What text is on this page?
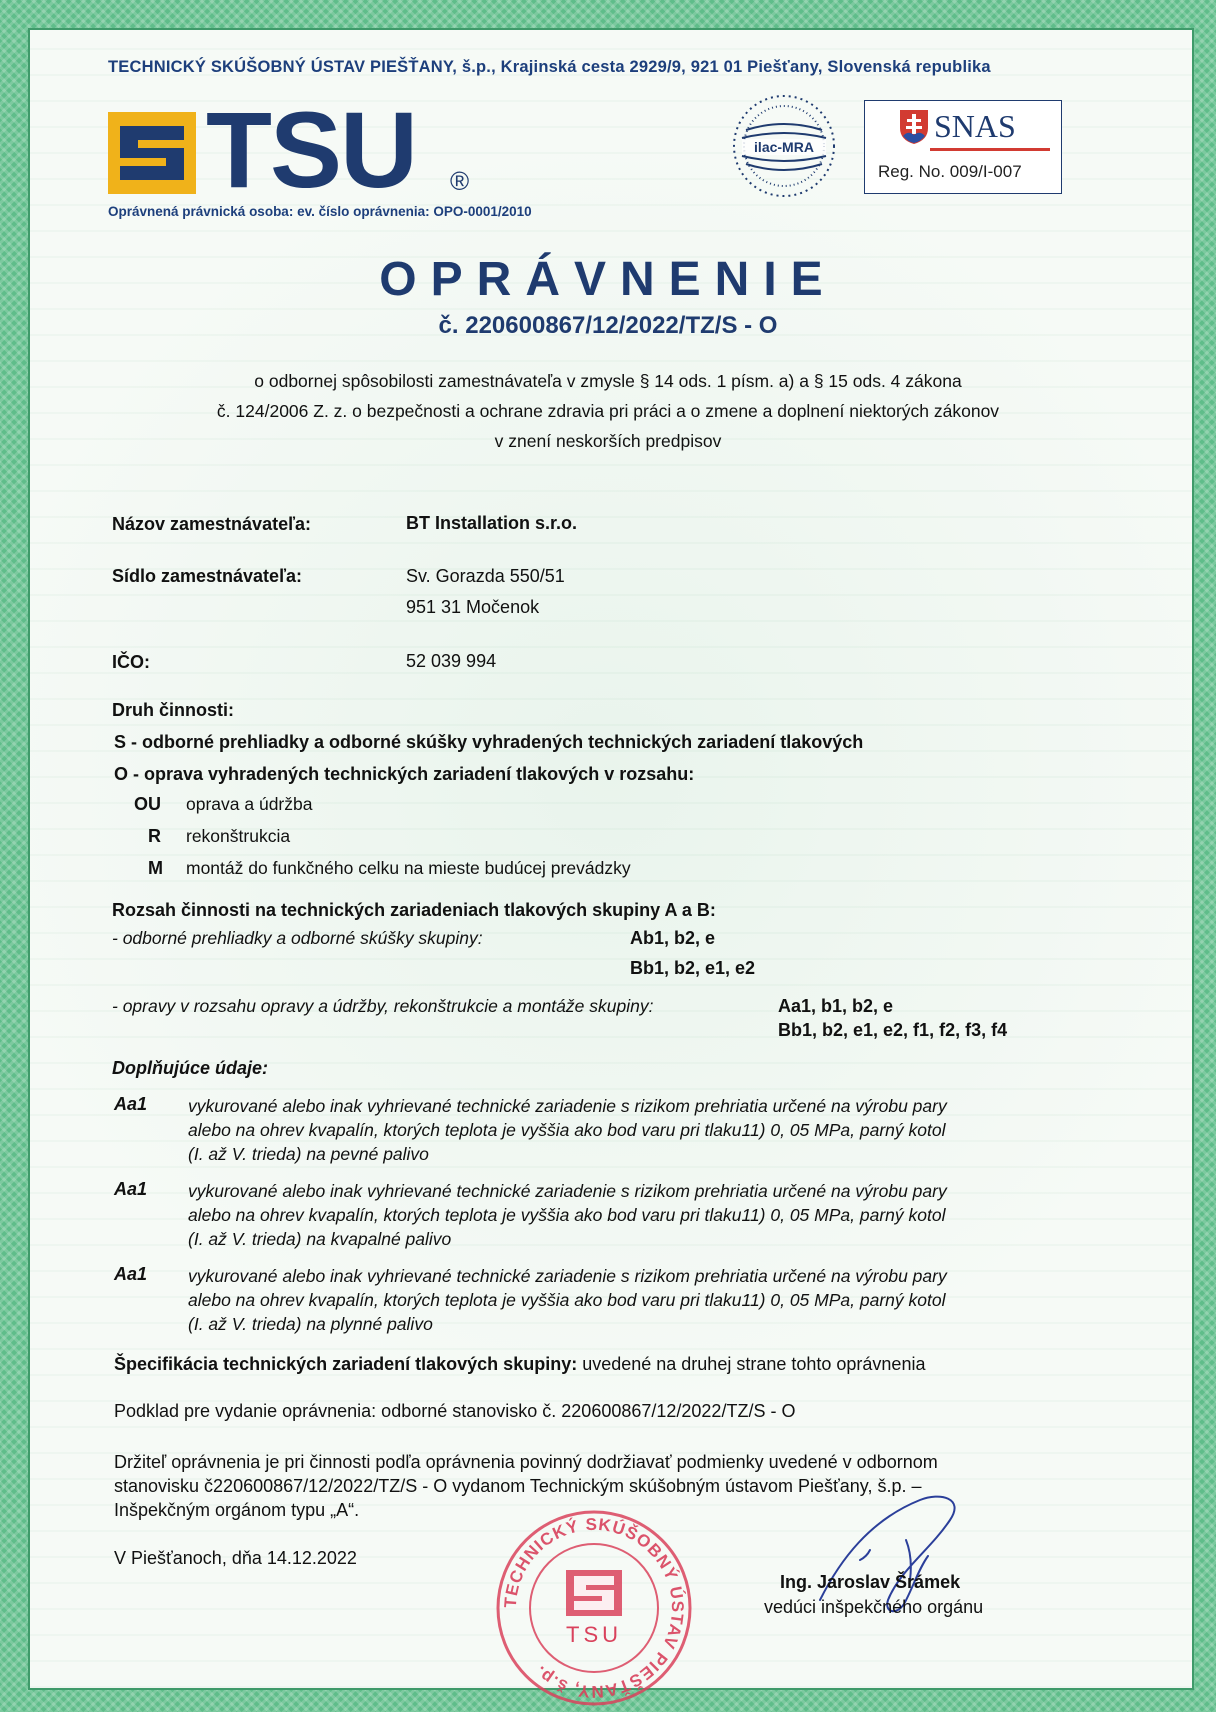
TECHNICKÝ SKÚŠOBNÝ ÚSTAV PIEŠŤANY, š.p., Krajinská cesta 2929/9, 921 01 Piešťany, Slovenská republika
TSU ®
Oprávnená právnická osoba: ev. číslo oprávnenia: OPO-0001/2010
ilac-MRA
SNAS
Reg. No. 009/I-007
OPRÁVNENIE
č. 220600867/12/2022/TZ/S - O
o odbornej spôsobilosti zamestnávateľa v zmysle § 14 ods. 1 písm. a) a § 15 ods. 4 zákona
č. 124/2006 Z. z. o bezpečnosti a ochrane zdravia pri práci a o zmene a doplnení niektorých zákonov
v znení neskorších predpisov
Názov zamestnávateľa:	BT Installation s.r.o.
Sídlo zamestnávateľa:	Sv. Gorazda 550/51
951 31 Močenok
IČO:	52 039 994
Druh činnosti:
S - odborné prehliadky a odborné skúšky vyhradených technických zariadení tlakových
O - oprava vyhradených technických zariadení tlakových v rozsahu:
OU oprava a údržba
R rekonštrukcia
M montáž do funkčného celku na mieste budúcej prevádzky
Rozsah činnosti na technických zariadeniach tlakových skupiny A a B:
- odborné prehliadky a odborné skúšky skupiny:	Ab1, b2, e
Bb1, b2, e1, e2
- opravy v rozsahu opravy a údržby, rekonštrukcie a montáže skupiny:	Aa1, b1, b2, e
Bb1, b2, e1, e2, f1, f2, f3, f4
Doplňujúce údaje:
Aa1 vykurované alebo inak vyhrievané technické zariadenie s rizikom prehriatia určené na výrobu pary
alebo na ohrev kvapalín, ktorých teplota je vyššia ako bod varu pri tlaku11) 0, 05 MPa, parný kotol
(I. až V. trieda) na pevné palivo
Aa1 vykurované alebo inak vyhrievané technické zariadenie s rizikom prehriatia určené na výrobu pary
alebo na ohrev kvapalín, ktorých teplota je vyššia ako bod varu pri tlaku11) 0, 05 MPa, parný kotol
(I. až V. trieda) na kvapalné palivo
Aa1 vykurované alebo inak vyhrievané technické zariadenie s rizikom prehriatia určené na výrobu pary
alebo na ohrev kvapalín, ktorých teplota je vyššia ako bod varu pri tlaku11) 0, 05 MPa, parný kotol
(I. až V. trieda) na plynné palivo
Špecifikácia technických zariadení tlakových skupiny: uvedené na druhej strane tohto oprávnenia
Podklad pre vydanie oprávnenia: odborné stanovisko č. 220600867/12/2022/TZ/S - O
Držiteľ oprávnenia je pri činnosti podľa oprávnenia povinný dodržiavať podmienky uvedené v odbornom
stanovisku č220600867/12/2022/TZ/S - O vydanom Technickým skúšobným ústavom Piešťany, š.p. –
Inšpekčným orgánom typu „A“.
V Piešťanoch, dňa 14.12.2022
TECHNICKÝ SKÚŠOBNÝ ÚSTAV PIEŠŤANY, š.p.
TSU
Ing. Jaroslav Šrámek
vedúci inšpekčného orgánu
